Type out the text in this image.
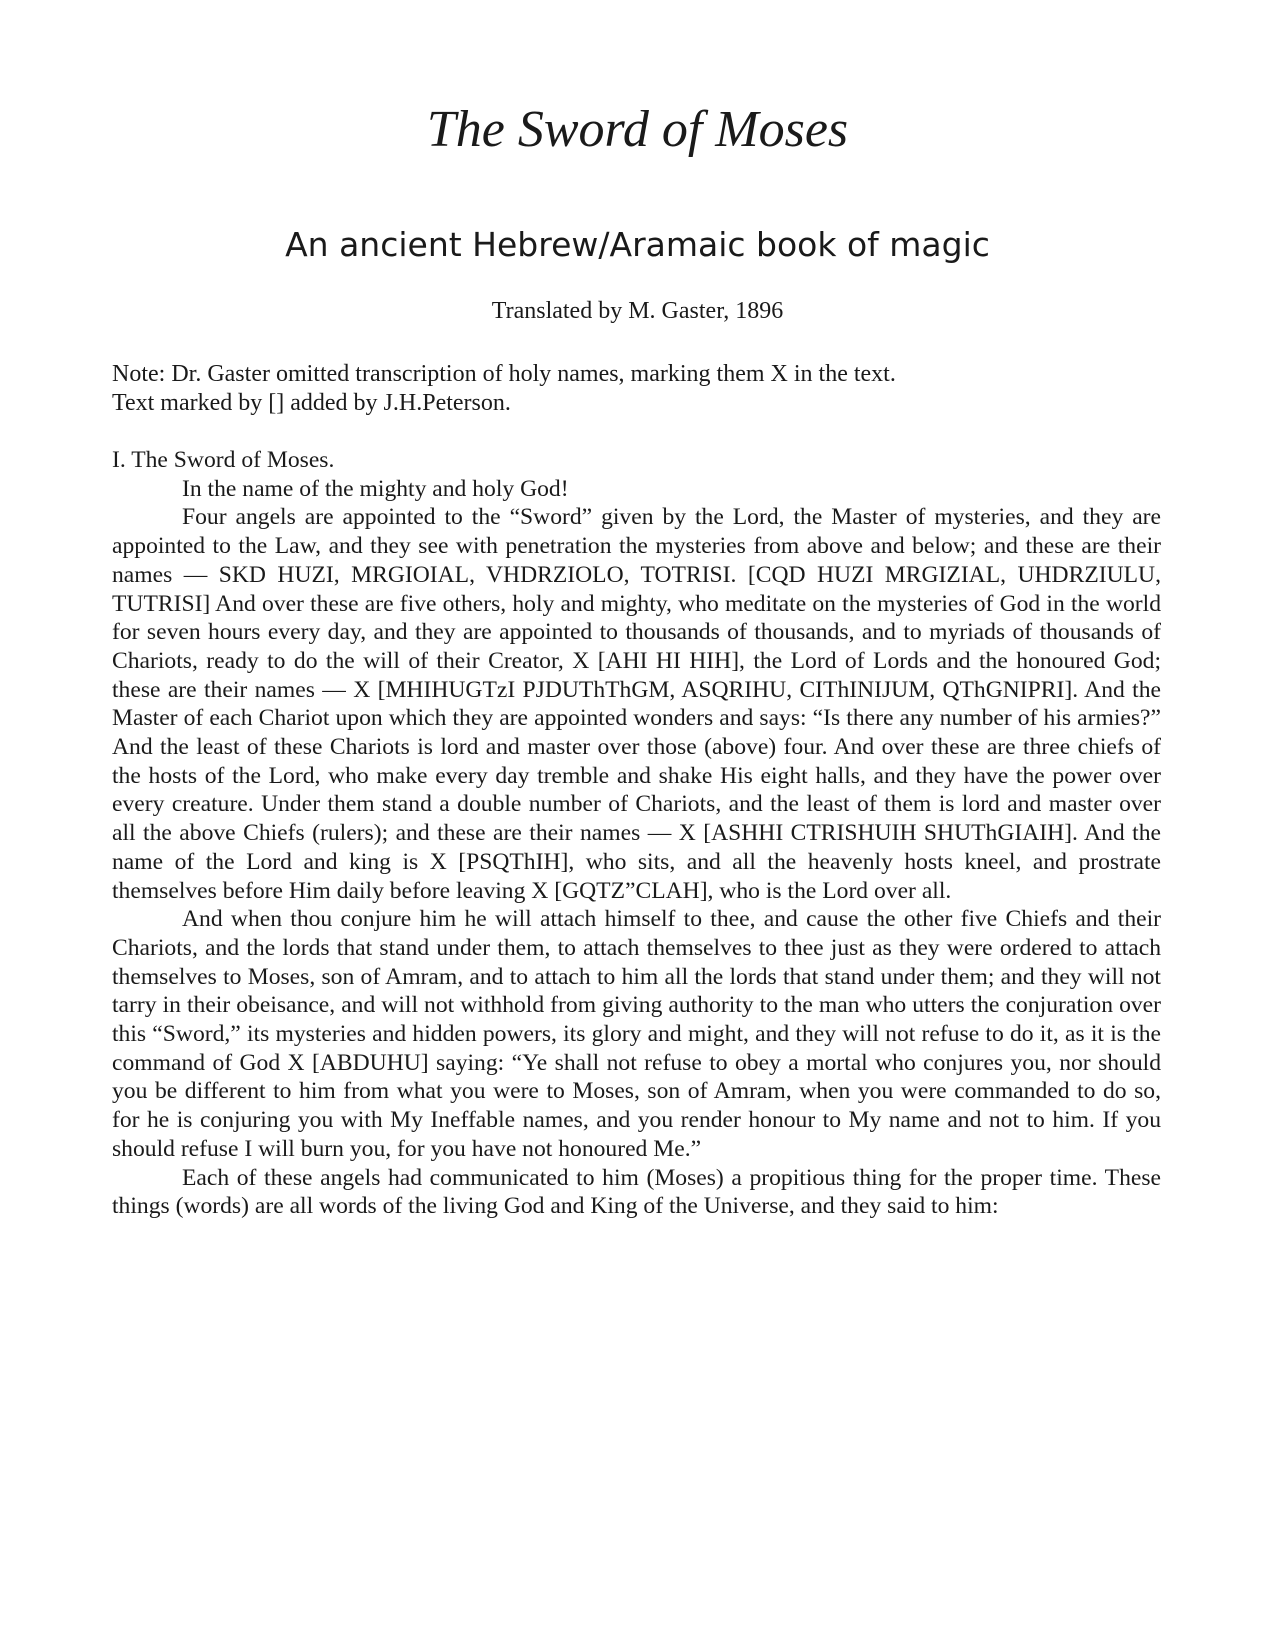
The Sword of Moses
An ancient Hebrew/Aramaic book of magic
Translated by M. Gaster, 1896
Note: Dr. Gaster omitted transcription of holy names, marking them X in the text.
Text marked by [] added by J.H.Peterson.
I. The Sword of Moses.

In the name of the mighty and holy God!

Four angels are appointed to the “Sword” given by the Lord, the Master of mysteries, and they are appointed to the Law, and they see with penetration the mysteries from above and below; and these are their names — SKD HUZI, MRGIOIAL, VHDRZIOLO, TOTRISI. [CQD HUZI MRGIZIAL, UHDRZIULU, TUTRISI] And over these are five others, holy and mighty, who meditate on the mysteries of God in the world for seven hours every day, and they are appointed to thousands of thousands, and to myriads of thousands of Chariots, ready to do the will of their Creator, X [AHI HI HIH], the Lord of Lords and the honoured God; these are their names — X [MHIHUGTzI PJDUThThGM, ASQRIHU, CIThINIJUM, QThGNIPRI]. And the Master of each Chariot upon which they are appointed wonders and says: “Is there any number of his armies?” And the least of these Chariots is lord and master over those (above) four. And over these are three chiefs of the hosts of the Lord, who make every day tremble and shake His eight halls, and they have the power over every creature. Under them stand a double number of Chariots, and the least of them is lord and master over all the above Chiefs (rulers); and these are their names — X [ASHHI CTRISHUIH SHUThGIAIH]. And the name of the Lord and king is X [PSQThIH], who sits, and all the heavenly hosts kneel, and prostrate themselves before Him daily before leaving X [GQTZ”CLAH], who is the Lord over all.

And when thou conjure him he will attach himself to thee, and cause the other five Chiefs and their Chariots, and the lords that stand under them, to attach themselves to thee just as they were ordered to attach themselves to Moses, son of Amram, and to attach to him all the lords that stand under them; and they will not tarry in their obeisance, and will not withhold from giving authority to the man who utters the conjuration over this “Sword,” its mysteries and hidden powers, its glory and might, and they will not refuse to do it, as it is the command of God X [ABDUHU] saying: “Ye shall not refuse to obey a mortal who conjures you, nor should you be different to him from what you were to Moses, son of Amram, when you were commanded to do so, for he is conjuring you with My Ineffable names, and you render honour to My name and not to him. If you should refuse I will burn you, for you have not honoured Me.”

Each of these angels had communicated to him (Moses) a propitious thing for the proper time. These things (words) are all words of the living God and King of the Universe, and they said to him:
